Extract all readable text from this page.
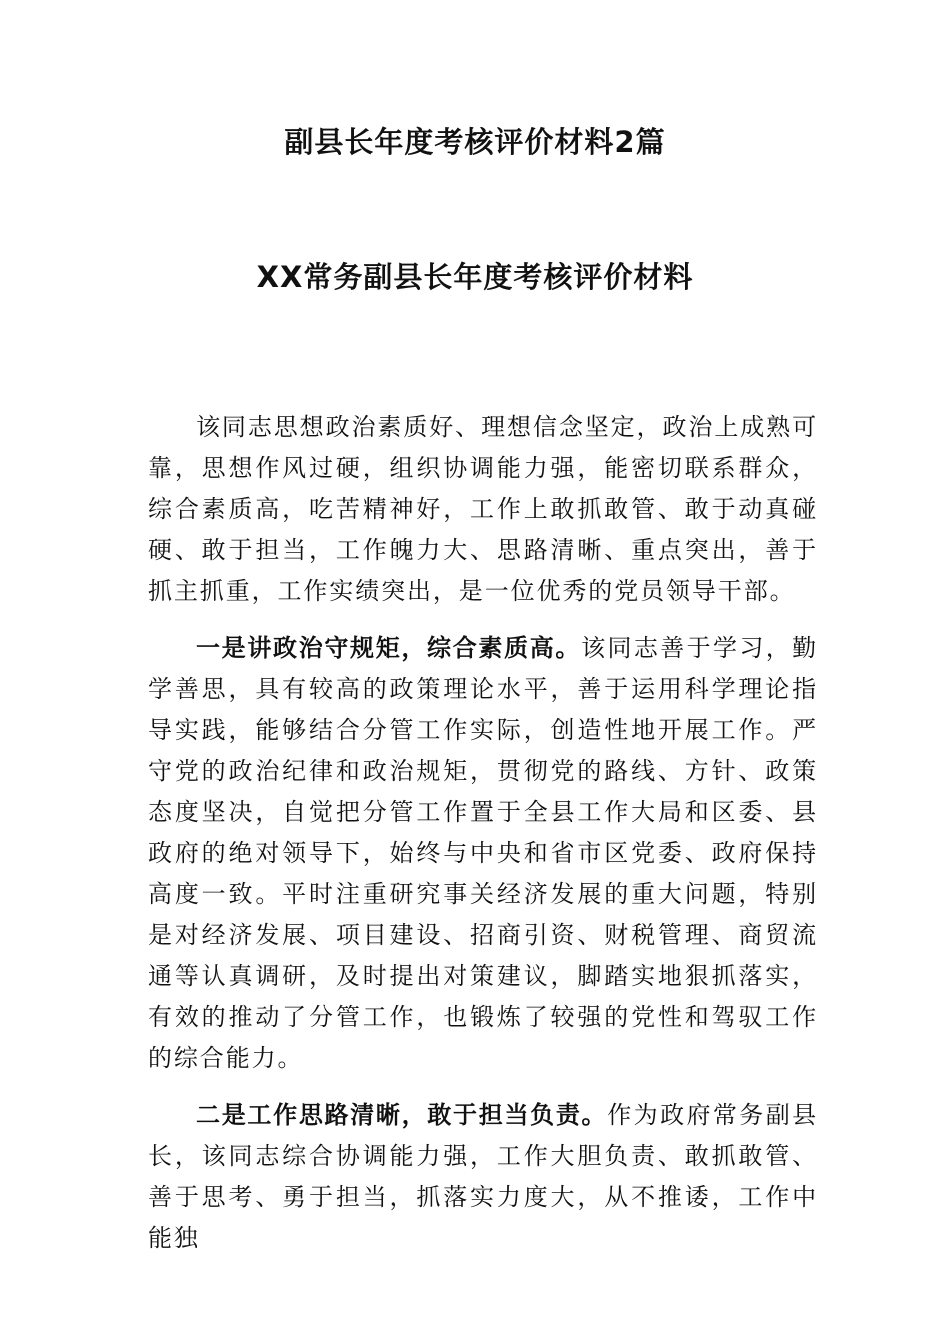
副县长年度考核评价材料2篇
XX常务副县长年度考核评价材料

该同志思想政治素质好、理想信念坚定，政治上成熟可靠，思想作风过硬，组织协调能力强，能密切联系群众，综合素质高，吃苦精神好，工作上敢抓敢管、敢于动真碰硬、敢于担当，工作魄力大、思路清晰、重点突出，善于抓主抓重，工作实绩突出，是一位优秀的党员领导干部。

一是讲政治守规矩，综合素质高。该同志善于学习，勤学善思，具有较高的政策理论水平，善于运用科学理论指导实践，能够结合分管工作实际，创造性地开展工作。严守党的政治纪律和政治规矩，贯彻党的路线、方针、政策态度坚决，自觉把分管工作置于全县工作大局和区委、县政府的绝对领导下，始终与中央和省市区党委、政府保持高度一致。平时注重研究事关经济发展的重大问题，特别是对经济发展、项目建设、招商引资、财税管理、商贸流通等认真调研，及时提出对策建议，脚踏实地狠抓落实，有效的推动了分管工作，也锻炼了较强的党性和驾驭工作的综合能力。

二是工作思路清晰，敢于担当负责。作为政府常务副县长，该同志综合协调能力强，工作大胆负责、敢抓敢管、善于思考、勇于担当，抓落实力度大，从不推诿，工作中能独
